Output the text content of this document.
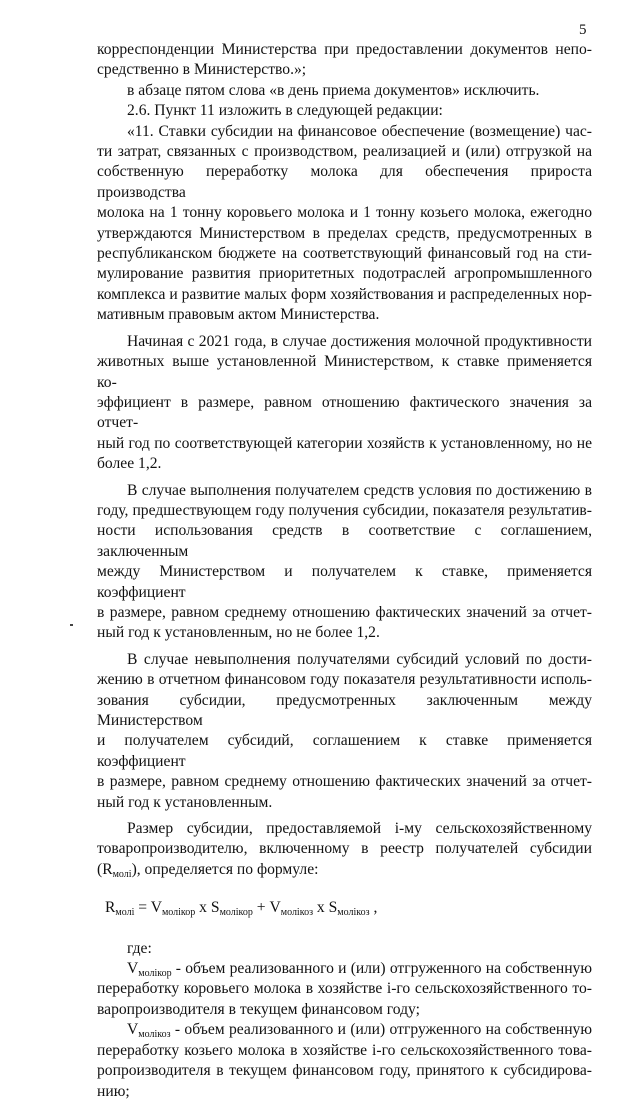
5

корреспонденции Министерства при предоставлении документов непо-

средственно в Министерство.»;

в абзаце пятом слова «в день приема документов» исключить.

2.6. Пункт 11 изложить в следующей редакции:

«11. Ставки субсидии на финансовое обеспечение (возмещение) час-

ти затрат, связанных с производством, реализацией и (или) отгрузкой на

собственную переработку молока для обеспечения прироста производства

молока на 1 тонну коровьего молока и 1 тонну козьего молока, ежегодно

утверждаются Министерством в пределах средств, предусмотренных в

республиканском бюджете на соответствующий финансовый год на сти-

мулирование развития приоритетных подотраслей агропромышленного

комплекса и развитие малых форм хозяйствования и распределенных нор-

мативным правовым актом Министерства.

Начиная с 2021 года, в случае достижения молочной продуктивности

животных выше установленной Министерством, к ставке применяется ко-

эффициент в размере, равном отношению фактического значения за отчет-

ный год по соответствующей категории хозяйств к установленному, но не

более 1,2.

В случае выполнения получателем средств условия по достижению в

году, предшествующем году получения субсидии, показателя результатив-

ности использования средств в соответствие с соглашением, заключенным

между Министерством и получателем к ставке, применяется коэффициент

в размере, равном среднему отношению фактических значений за отчет-

ный год к установленным, но не более 1,2.

В случае невыполнения получателями субсидий условий по дости-

жению в отчетном финансовом году показателя результативности исполь-

зования субсидии, предусмотренных заключенным между Министерством

и получателем субсидий, соглашением к ставке применяется коэффициент

в размере, равном среднему отношению фактических значений за отчет-

ный год к установленным.

Размер субсидии, предоставляемой i-му сельскохозяйственному

товаропроизводителю, включенному в реестр получателей субсидии

$(R_{молi})$, определяется по формуле:

$R_{молi} = V_{молiкор}$ x $S_{молiкор} + V_{молiкоз}$ x $S_{молiкоз}$ ,

где:

$V_{молiкор}$ - объем реализованного и (или) отгруженного на собственную

переработку коровьего молока в хозяйстве i-го сельскохозяйственного то-

варопроизводителя в текущем финансовом году;

$V_{молiкоз}$ - объем реализованного и (или) отгруженного на собственную

переработку козьего молока в хозяйстве i-го сельскохозяйственного това-

ропроизводителя в текущем финансовом году, принятого к субсидирова-

нию;
